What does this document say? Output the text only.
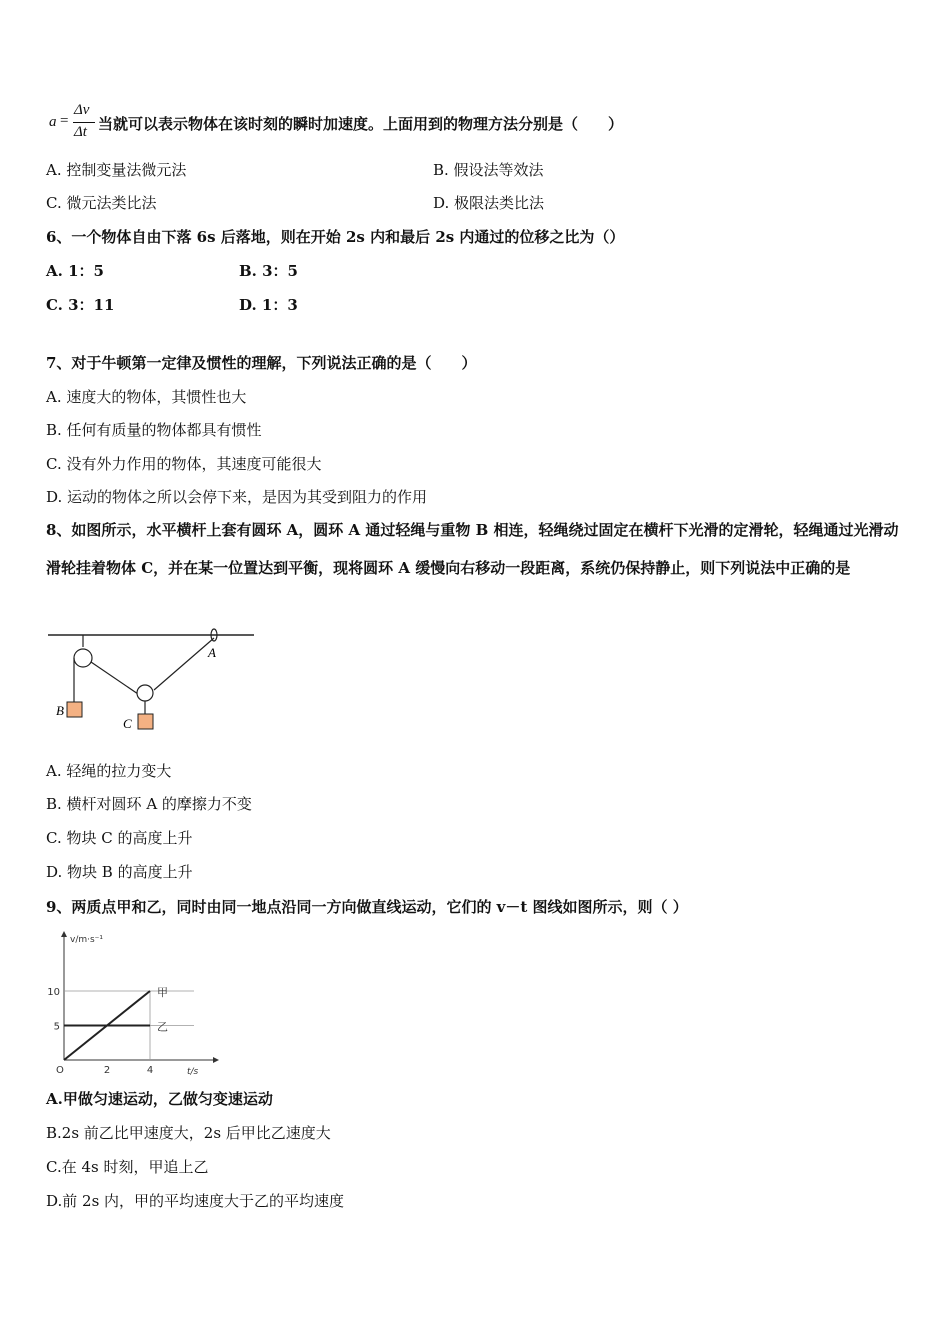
a =
Δv
Δt 当就可以表示物体在该时刻的瞬时加速度。上面用到的物理方法分别是（　　）
A. 控制变量法微元法	B. 假设法等效法
C. 微元法类比法	D. 极限法类比法
6、一个物体自由下落 6s 后落地，则在开始 2s 内和最后 2s 内通过的位移之比为（）
A. 1：5	B. 3：5
C. 3：11	D. 1：3
7、对于牛顿第一定律及惯性的理解，下列说法正确的是（　　）
A. 速度大的物体，其惯性也大
B. 任何有质量的物体都具有惯性
C. 没有外力作用的物体，其速度可能很大
D. 运动的物体之所以会停下来，是因为其受到阻力的作用
8、如图所示，水平横杆上套有圆环 A，圆环 A 通过轻绳与重物 B 相连，轻绳绕过固定在横杆下光滑的定滑轮，轻绳通过光滑动滑轮挂着物体 C，并在某一位置达到平衡，现将圆环 A 缓慢向右移动一段距离，系统仍保持静止，则下列说法中正确的是
A
B
C
A. 轻绳的拉力变大
B. 横杆对圆环 A 的摩擦力不变
C. 物块 C 的高度上升
D. 物块 B 的高度上升
9、两质点甲和乙，同时由同一地点沿同一方向做直线运动，它们的 v－t 图线如图所示，则（ ）
v/m·s⁻¹
t/s
O
5
10
2	4
甲
乙
A.甲做匀速运动，乙做匀变速运动
B.2s 前乙比甲速度大，2s 后甲比乙速度大
C.在 4s 时刻，甲追上乙
D.前 2s 内，甲的平均速度大于乙的平均速度
